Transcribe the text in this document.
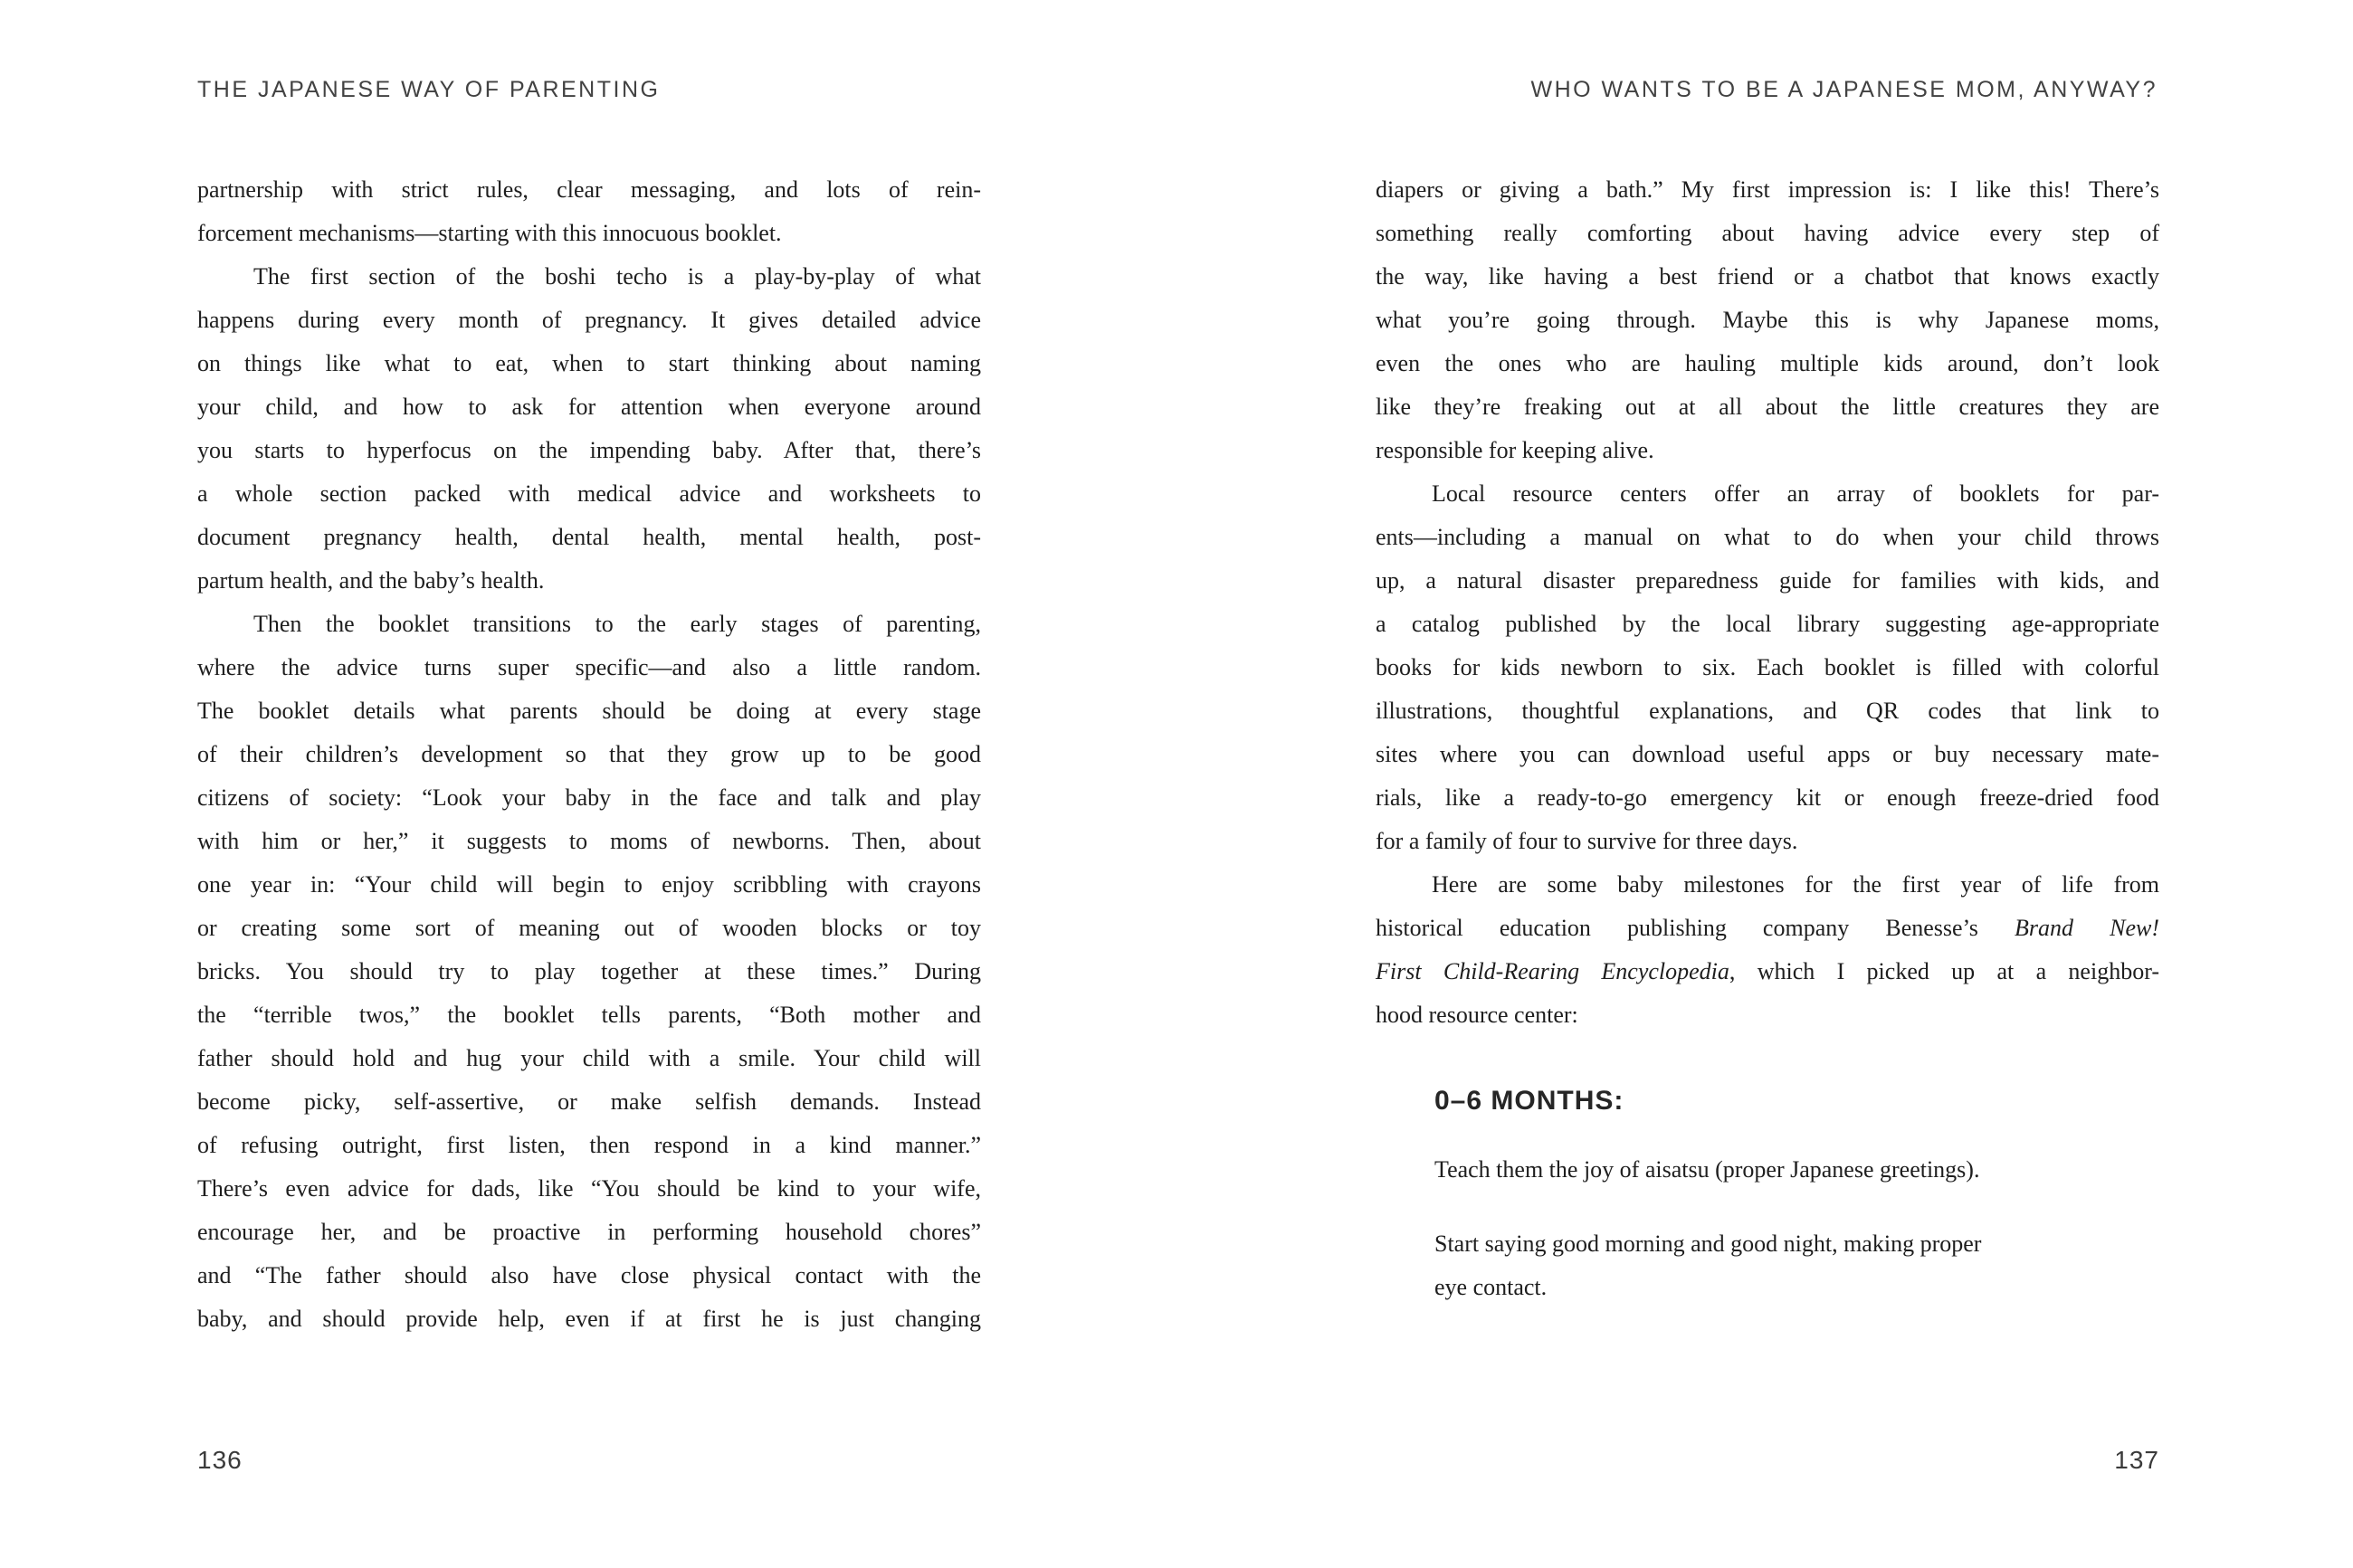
THE JAPANESE WAY OF PARENTING
partnership with strict rules, clear messaging, and lots of rein-
forcement mechanisms—starting with this innocuous booklet.
The first section of the boshi techo is a play-by-play of what
happens during every month of pregnancy. It gives detailed advice
on things like what to eat, when to start thinking about naming
your child, and how to ask for attention when everyone around
you starts to hyperfocus on the impending baby. After that, there’s
a whole section packed with medical advice and worksheets to
document pregnancy health, dental health, mental health, post-
partum health, and the baby’s health.
Then the booklet transitions to the early stages of parenting,
where the advice turns super specific—and also a little random.
The booklet details what parents should be doing at every stage
of their children’s development so that they grow up to be good
citizens of society: “Look your baby in the face and talk and play
with him or her,” it suggests to moms of newborns. Then, about
one year in: “Your child will begin to enjoy scribbling with crayons
or creating some sort of meaning out of wooden blocks or toy
bricks. You should try to play together at these times.” During
the “terrible twos,” the booklet tells parents, “Both mother and
father should hold and hug your child with a smile. Your child will
become picky, self-assertive, or make selfish demands. Instead
of refusing outright, first listen, then respond in a kind manner.”
There’s even advice for dads, like “You should be kind to your wife,
encourage her, and be proactive in performing household chores”
and “The father should also have close physical contact with the
baby, and should provide help, even if at first he is just changing
136
WHO WANTS TO BE A JAPANESE MOM, ANYWAY?
diapers or giving a bath.” My first impression is: I like this! There’s
something really comforting about having advice every step of
the way, like having a best friend or a chatbot that knows exactly
what you’re going through. Maybe this is why Japanese moms,
even the ones who are hauling multiple kids around, don’t look
like they’re freaking out at all about the little creatures they are
responsible for keeping alive.
Local resource centers offer an array of booklets for par-
ents—including a manual on what to do when your child throws
up, a natural disaster preparedness guide for families with kids, and
a catalog published by the local library suggesting age-appropriate
books for kids newborn to six. Each booklet is filled with colorful
illustrations, thoughtful explanations, and QR codes that link to
sites where you can download useful apps or buy necessary mate-
rials, like a ready-to-go emergency kit or enough freeze-dried food
for a family of four to survive for three days.
Here are some baby milestones for the first year of life from
historical education publishing company Benesse’s Brand New!
First Child-Rearing Encyclopedia, which I picked up at a neighbor-
hood resource center:
0–6 MONTHS:
Teach them the joy of aisatsu (proper Japanese greetings).
Start saying good morning and good night, making proper
eye contact.
137
